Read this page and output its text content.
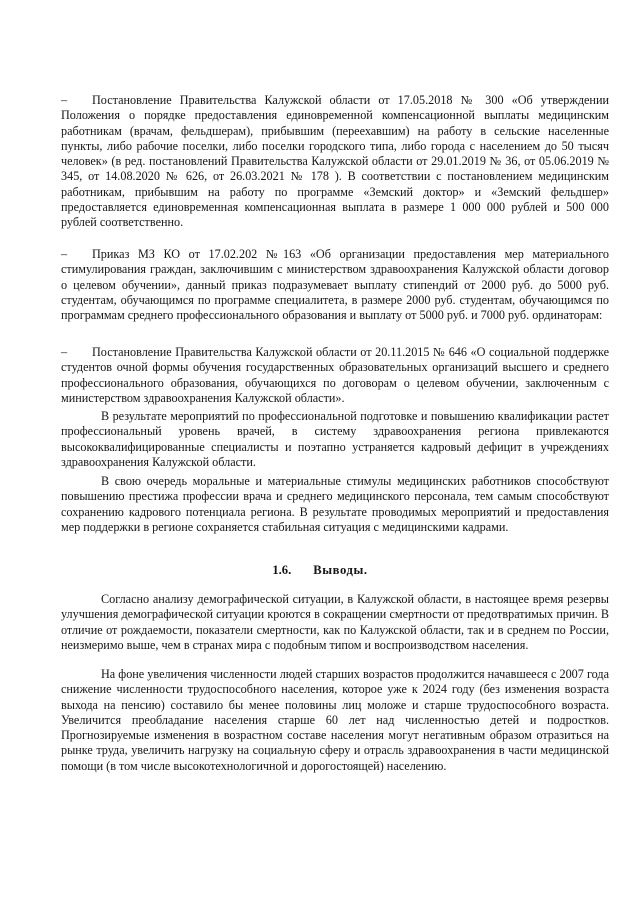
– Постановление Правительства Калужской области от 17.05.2018 № 300 «Об утверждении Положения о порядке предоставления единовременной компенсационной выплаты медицинским работникам (врачам, фельдшерам), прибывшим (переехавшим) на работу в сельские населенные пункты, либо рабочие поселки, либо поселки городского типа, либо города с населением до 50 тысяч человек» (в ред. постановлений Правительства Калужской области от 29.01.2019 № 36, от 05.06.2019 № 345, от 14.08.2020 № 626, от 26.03.2021 № 178 ). В соответствии с постановлением медицинским работникам, прибывшим на работу по программе «Земский доктор» и «Земский фельдшер» предоставляется единовременная компенсационная выплата в размере 1 000 000 рублей и 500 000 рублей соответственно.

– Приказ МЗ КО от 17.02.202 №163 «Об организации предоставления мер материального стимулирования граждан, заключившим с министерством здравоохранения Калужской области договор о целевом обучении», данный приказ подразумевает выплату стипендий от 2000 руб. до 5000 руб. студентам, обучающимся по программе специалитета, в размере 2000 руб. студентам, обучающимся по программам среднего профессионального образования и выплату от 5000 руб. и 7000 руб. ординаторам:

– Постановление Правительства Калужской области от 20.11.2015 № 646 «О социальной поддержке студентов очной формы обучения государственных образовательных организаций высшего и среднего профессионального образования, обучающихся по договорам о целевом обучении, заключенным с министерством здравоохранения Калужской области».

В результате мероприятий по профессиональной подготовке и повышению квалификации растет профессиональный уровень врачей, в систему здравоохранения региона привлекаются высококвалифицированные специалисты и поэтапно устраняется кадровый дефицит в учреждениях здравоохранения Калужской области.

В свою очередь моральные и материальные стимулы медицинских работников способствуют повышению престижа профессии врача и среднего медицинского персонала, тем самым способствуют сохранению кадрового потенциала региона. В результате проводимых мероприятий и предоставления мер поддержки в регионе сохраняется стабильная ситуация с медицинскими кадрами.

1.6. Выводы.

Согласно анализу демографической ситуации, в Калужской области, в настоящее время резервы улучшения демографической ситуации кроются в сокращении смертности от предотвратимых причин. В отличие от рождаемости, показатели смертности, как по Калужской области, так и в среднем по России, неизмеримо выше, чем в странах мира с подобным типом и воспроизводством населения.

На фоне увеличения численности людей старших возрастов продолжится начавшееся с 2007 года снижение численности трудоспособного населения, которое уже к 2024 году (без изменения возраста выхода на пенсию) составило бы менее половины лиц моложе и старше трудоспособного возраста. Увеличится преобладание населения старше 60 лет над численностью детей и подростков. Прогнозируемые изменения в возрастном составе населения могут негативным образом отразиться на рынке труда, увеличить нагрузку на социальную сферу и отрасль здравоохранения в части медицинской помощи (в том числе высокотехнологичной и дорогостоящей) населению.
